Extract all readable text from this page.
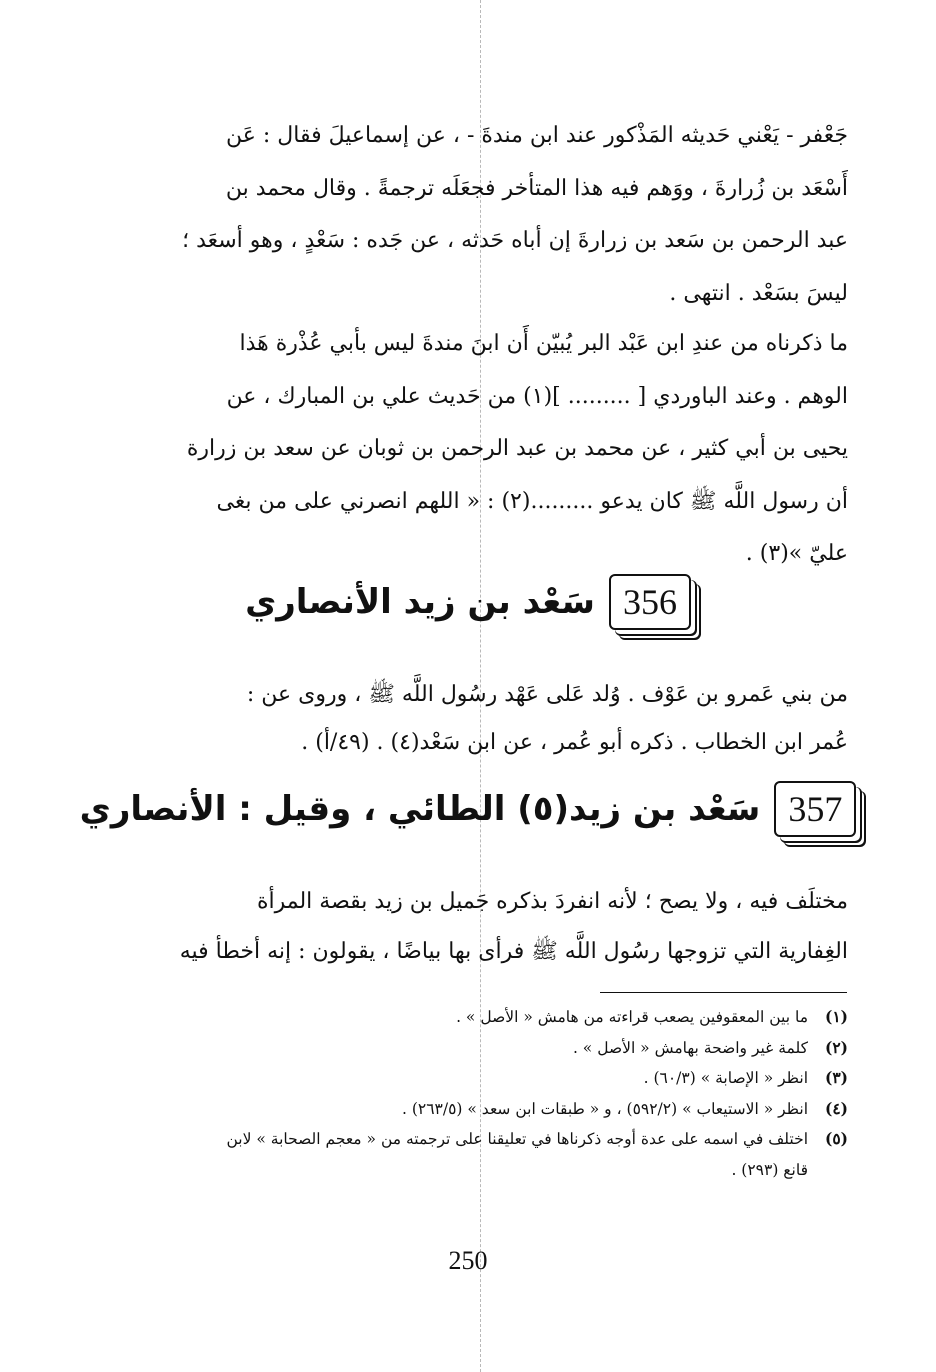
جَعْفر - يَعْني حَديثه المَذْكور عند ابن مندةَ - ، عن إسماعيلَ فقال : عَن
أَسْعَد بن زُرارةَ ، ووَهم فيه هذا المتأخر فجعَلَه ترجمةً . وقال محمد بن
عبد الرحمن بن سَعد بن زرارةَ إن أباه حَدثه ، عن جَده : سَعْدٍ ، وهو أسعَد ؛
ليسَ بسَعْد . انتهى .
ما ذكرناه من عندِ ابن عَبْد البر يُبيّن أَن ابنَ مندةَ ليس بأبي عُذْرة هَذا
الوهم . وعند الباوردي [ ......... ](١) من حَديث علي بن المبارك ، عن
يحيى بن أبي كثير ، عن محمد بن عبد الرحمن بن ثوبان عن سعد بن زرارة
أن رسول اللَّه ﷺ كان يدعو .........(٢) : « اللهم انصرني على من بغى
عليّ »(٣) .
356
سَعْد بن زيد الأنصاري
من بني عَمرو بن عَوْف . وُلد عَلى عَهْد رسُول اللَّه ﷺ ، وروى عن :
عُمر ابن الخطاب . ذكره أبو عُمر ، عن ابن سَعْد(٤) . (٤٩/أ) .
357
سَعْد بن زيد(٥) الطائي ، وقيل : الأنصاري
مختلَف فيه ، ولا يصح ؛ لأنه انفردَ بذكره جَميل بن زيد بقصة المرأة
الغِفارية التي تزوجها رسُول اللَّه ﷺ فرأى بها بياضًا ، يقولون : إنه أخطأ فيه
(١)
ما بين المعقوفين يصعب قراءته من هامش « الأصل » .
(٢)
كلمة غير واضحة بهامش « الأصل » .
(٣)
انظر « الإصابة » (٦٠/٣) .
(٤)
انظر « الاستيعاب » (٥٩٢/٢) ، و « طبقات ابن سعد » (٢٦٣/٥) .
(٥)
اختلف في اسمه على عدة أوجه ذكرناها في تعليقنا على ترجمته من « معجم الصحابة » لابن
قانع (٢٩٣) .
250
